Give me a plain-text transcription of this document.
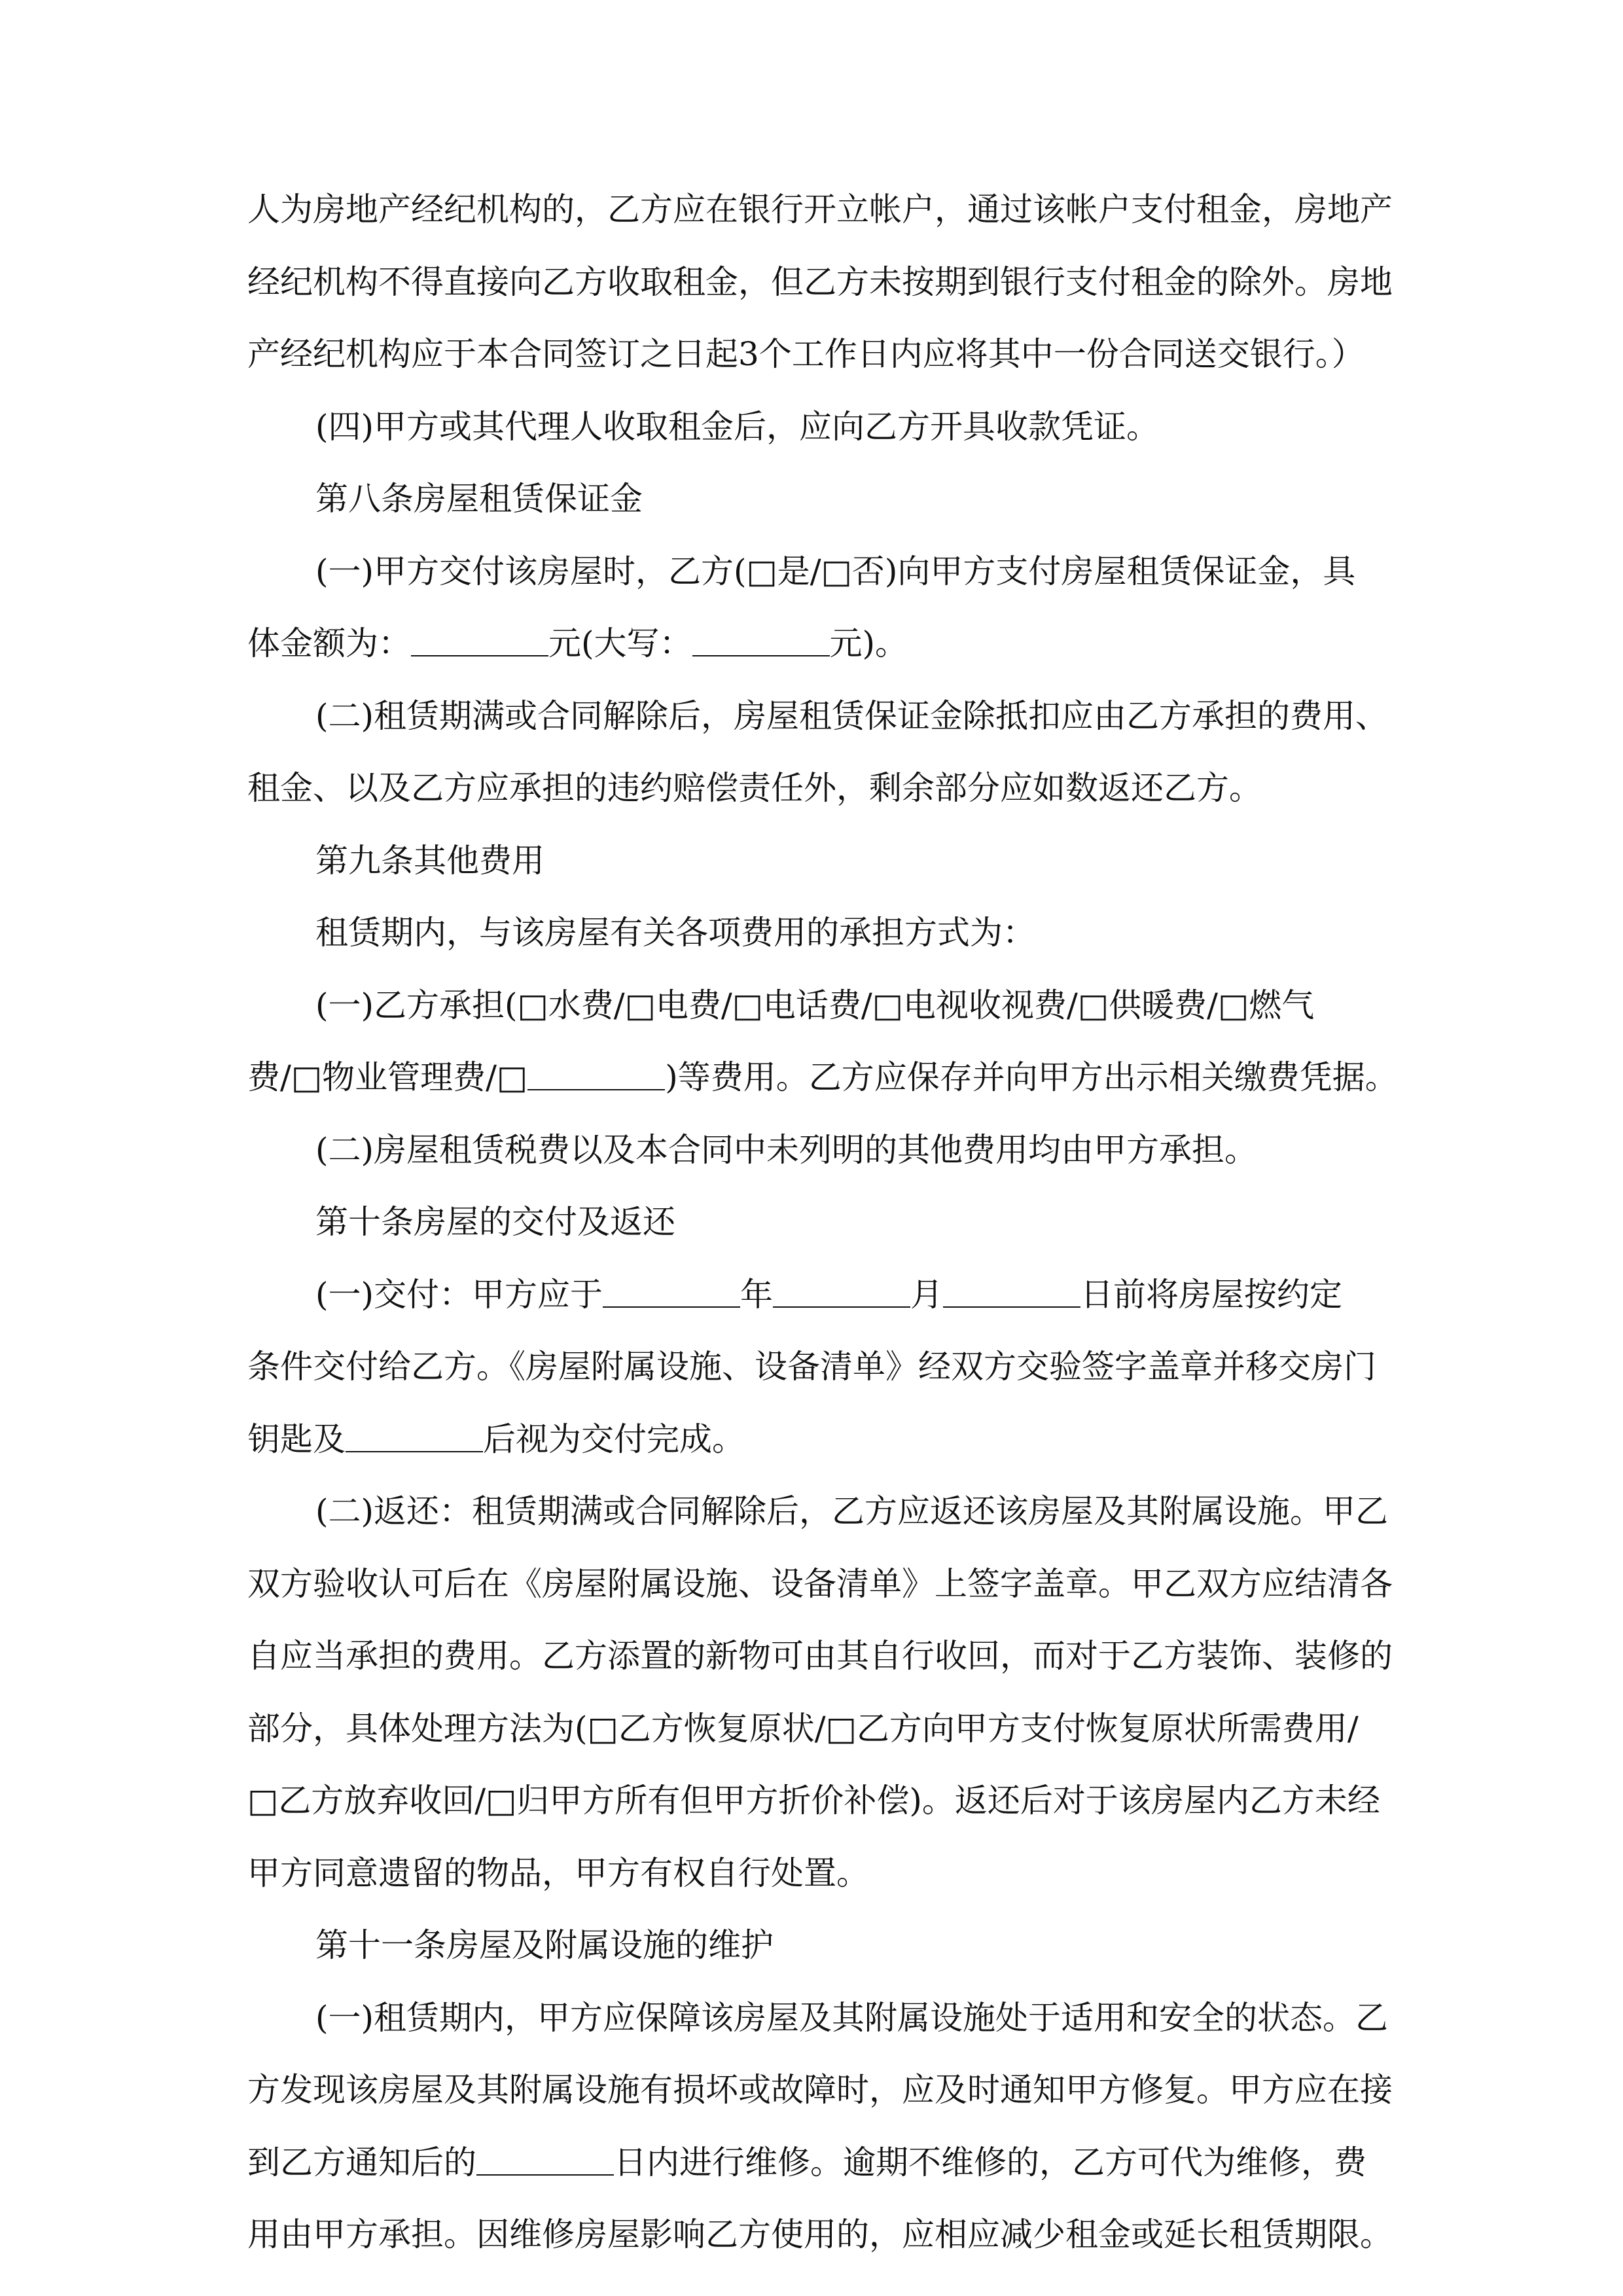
人为房地产经纪机构的，乙方应在银行开立帐户，通过该帐户支付租金，房地产
经纪机构不得直接向乙方收取租金，但乙方未按期到银行支付租金的除外。房地
产经纪机构应于本合同签订之日起3个工作日内应将其中一份合同送交银行。）
(四)甲方或其代理人收取租金后，应向乙方开具收款凭证。
第八条房屋租赁保证金
(一)甲方交付该房屋时，乙方(□是/□否)向甲方支付房屋租赁保证金，具
体金额为：	元(大写：	元)。
(二)租赁期满或合同解除后，房屋租赁保证金除抵扣应由乙方承担的费用、
租金、以及乙方应承担的违约赔偿责任外，剩余部分应如数返还乙方。
第九条其他费用
租赁期内，与该房屋有关各项费用的承担方式为：
(一)乙方承担(□水费/□电费/□电话费/□电视收视费/□供暖费/□燃气
费/□物业管理费/□	)等费用。乙方应保存并向甲方出示相关缴费凭据。
(二)房屋租赁税费以及本合同中未列明的其他费用均由甲方承担。
第十条房屋的交付及返还
(一)交付：甲方应于	年	月	日前将房屋按约定
条件交付给乙方。《房屋附属设施、设备清单》经双方交验签字盖章并移交房门
钥匙及	后视为交付完成。
(二)返还：租赁期满或合同解除后，乙方应返还该房屋及其附属设施。甲乙
双方验收认可后在《房屋附属设施、设备清单》上签字盖章。甲乙双方应结清各
自应当承担的费用。乙方添置的新物可由其自行收回，而对于乙方装饰、装修的
部分，具体处理方法为(□乙方恢复原状/□乙方向甲方支付恢复原状所需费用/
□乙方放弃收回/□归甲方所有但甲方折价补偿)。返还后对于该房屋内乙方未经
甲方同意遗留的物品，甲方有权自行处置。
第十一条房屋及附属设施的维护
(一)租赁期内，甲方应保障该房屋及其附属设施处于适用和安全的状态。乙
方发现该房屋及其附属设施有损坏或故障时，应及时通知甲方修复。甲方应在接
到乙方通知后的	日内进行维修。逾期不维修的，乙方可代为维修，费
用由甲方承担。因维修房屋影响乙方使用的，应相应减少租金或延长租赁期限。
